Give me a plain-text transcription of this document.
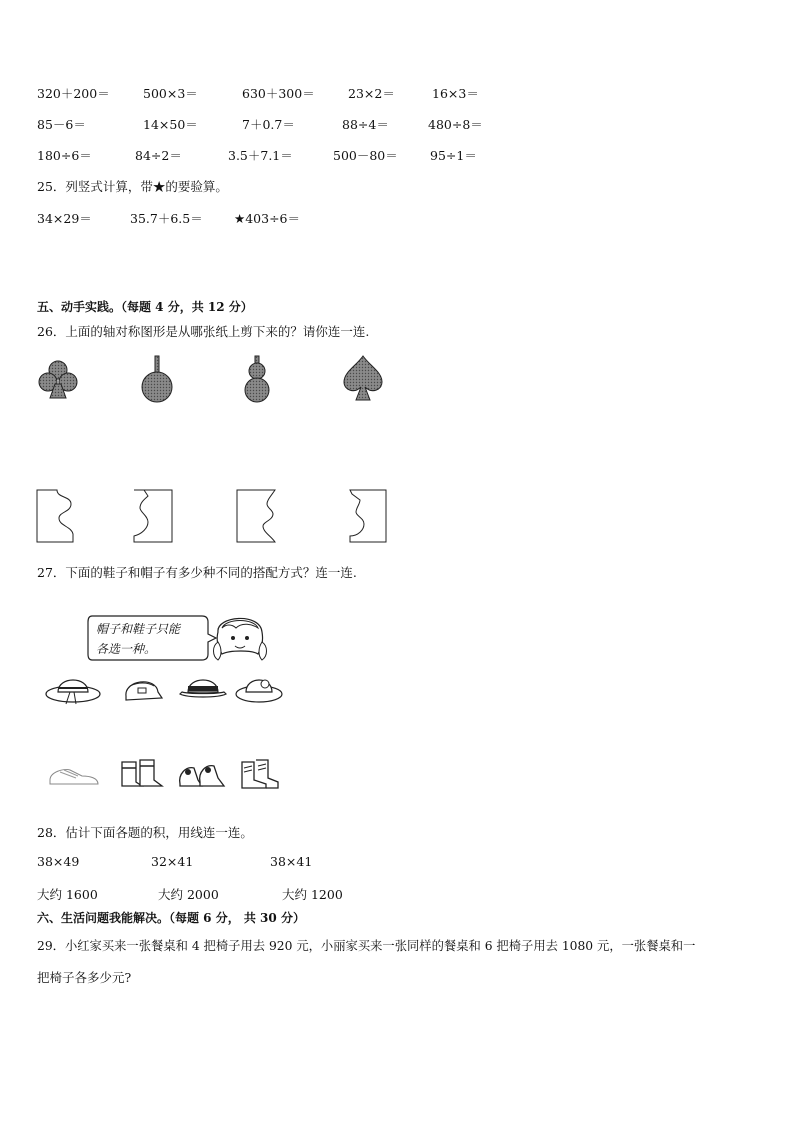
320＋200＝	500×3＝	630＋300＝	23×2＝	16×3＝
85－6＝	14×50＝	7＋0.7＝	88÷4＝	480÷8＝
180÷6＝	84÷2＝	3.5＋7.1＝	500－80＝	95÷1＝
25．列竖式计算，带★的要验算。
34×29＝	35.7＋6.5＝	★403÷6＝
五、动手实践。（每题 4 分，共 12 分）
26．上面的轴对称图形是从哪张纸上剪下来的？请你连一连.
27．下面的鞋子和帽子有多少种不同的搭配方式？连一连.
帽子和鞋子只能
各选一种。
28．估计下面各题的积，用线连一连。
38×49	32×41	38×41
大约 1600	大约 2000	大约 1200
六、生活问题我能解决。（每题 6 分， 共 30 分）
29．小红家买来一张餐桌和 4 把椅子用去 920 元，小丽家买来一张同样的餐桌和 6 把椅子用去 1080 元，一张餐桌和一
把椅子各多少元?
